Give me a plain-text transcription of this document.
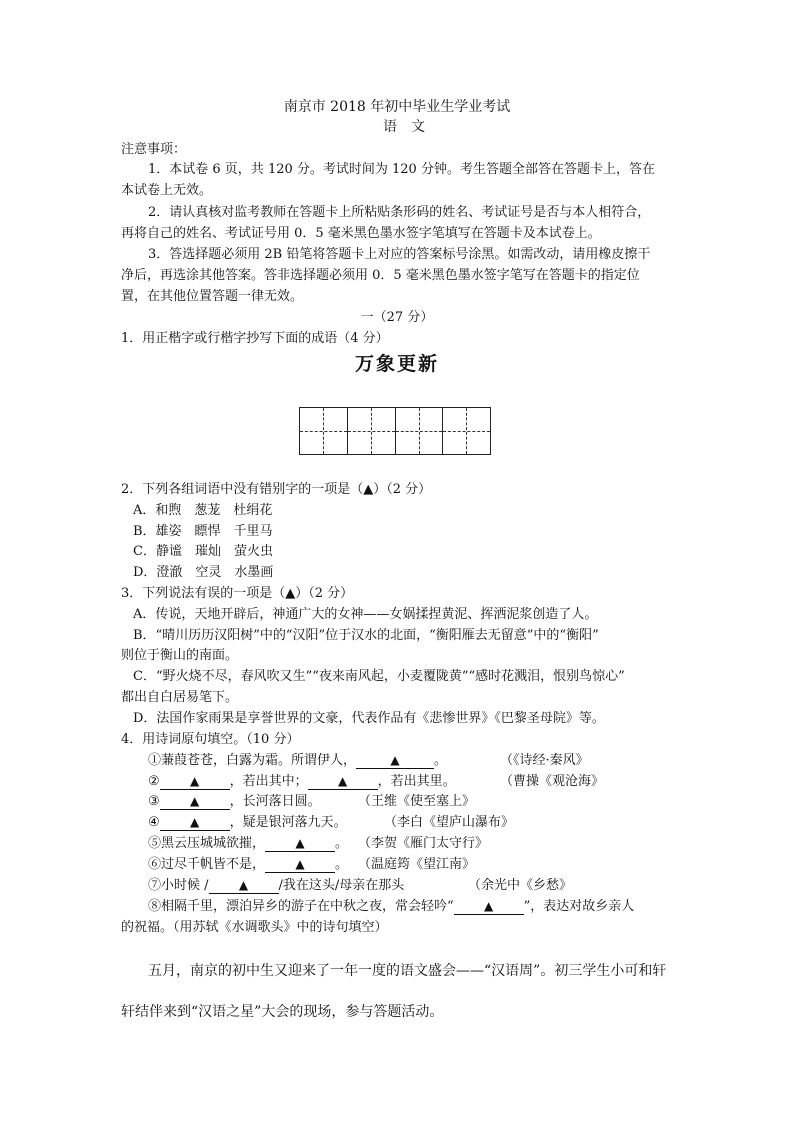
南京市 2018 年初中毕业生学业考试
语文
注意事项：
1．本试卷 6 页，共 120 分。考试时间为 120 分钟。考生答题全部答在答题卡上，答在
本试卷上无效。
2．请认真核对监考教师在答题卡上所粘贴条形码的姓名、考试证号是否与本人相符合，
再将自己的姓名、考试证号用 0．5 毫米黑色墨水签字笔填写在答题卡及本试卷上。
3．答选择题必须用 2B 铅笔将答题卡上对应的答案标号涂黑。如需改动，请用橡皮擦干
净后，再选涂其他答案。答非选择题必须用 0．5 毫米黑色墨水签字笔写在答题卡的指定位
置，在其他位置答题一律无效。
一（27 分）
1．用正楷字或行楷字抄写下面的成语（4 分）
万象更新
2．下列各组词语中没有错别字的一项是（▲）（2 分）
A．和煦　葱茏　杜绢花
B．雄姿　瞟悍　千里马
C．静谧　璀灿　萤火虫
D．澄澈　空灵　水墨画
3．下列说法有误的一项是（▲）（2 分）
A．传说，天地开辟后，神通广大的女神——女娲揉捏黄泥、挥洒泥浆创造了人。
B．“晴川历历汉阳树”中的“汉阳”位于汉水的北面，“衡阳雁去无留意”中的“衡阳”
则位于衡山的南面。
C．“野火烧不尽，春风吹又生”“夜来南风起，小麦覆陇黄”“感时花溅泪，恨别鸟惊心”
都出自白居易笔下。
D．法国作家雨果是享誉世界的文豪，代表作品有《悲惨世界》《巴黎圣母院》等。
4．用诗词原句填空。（10 分）
①蒹葭苍苍，白露为霜。所谓伊人，	▲	。	（《诗经·秦风》
②	▲ ，若出其中；	▲ ，若出其里。	（曹操《观沧海》
③	▲ ，长河落日圆。	（王维《使至塞上》
④	▲ ，疑是银河落九天。	（李白《望庐山瀑布》
⑤黑云压城城欲摧，	▲ 。 （李贺《雁门太守行》
⑥过尽千帆皆不是，	▲ 。 （温庭筠《望江南》
⑦小时候 /	▲ /我在这头/母亲在那头	（余光中《乡愁》
⑧相隔千里，漂泊异乡的游子在中秋之夜，常会轻吟“	▲ ”，表达对故乡亲人
的祝福。（用苏轼《水调歌头》中的诗句填空）
五月，南京的初中生又迎来了一年一度的语文盛会——“汉语周”。初三学生小可和轩
轩结伴来到“汉语之星”大会的现场，参与答题活动。
